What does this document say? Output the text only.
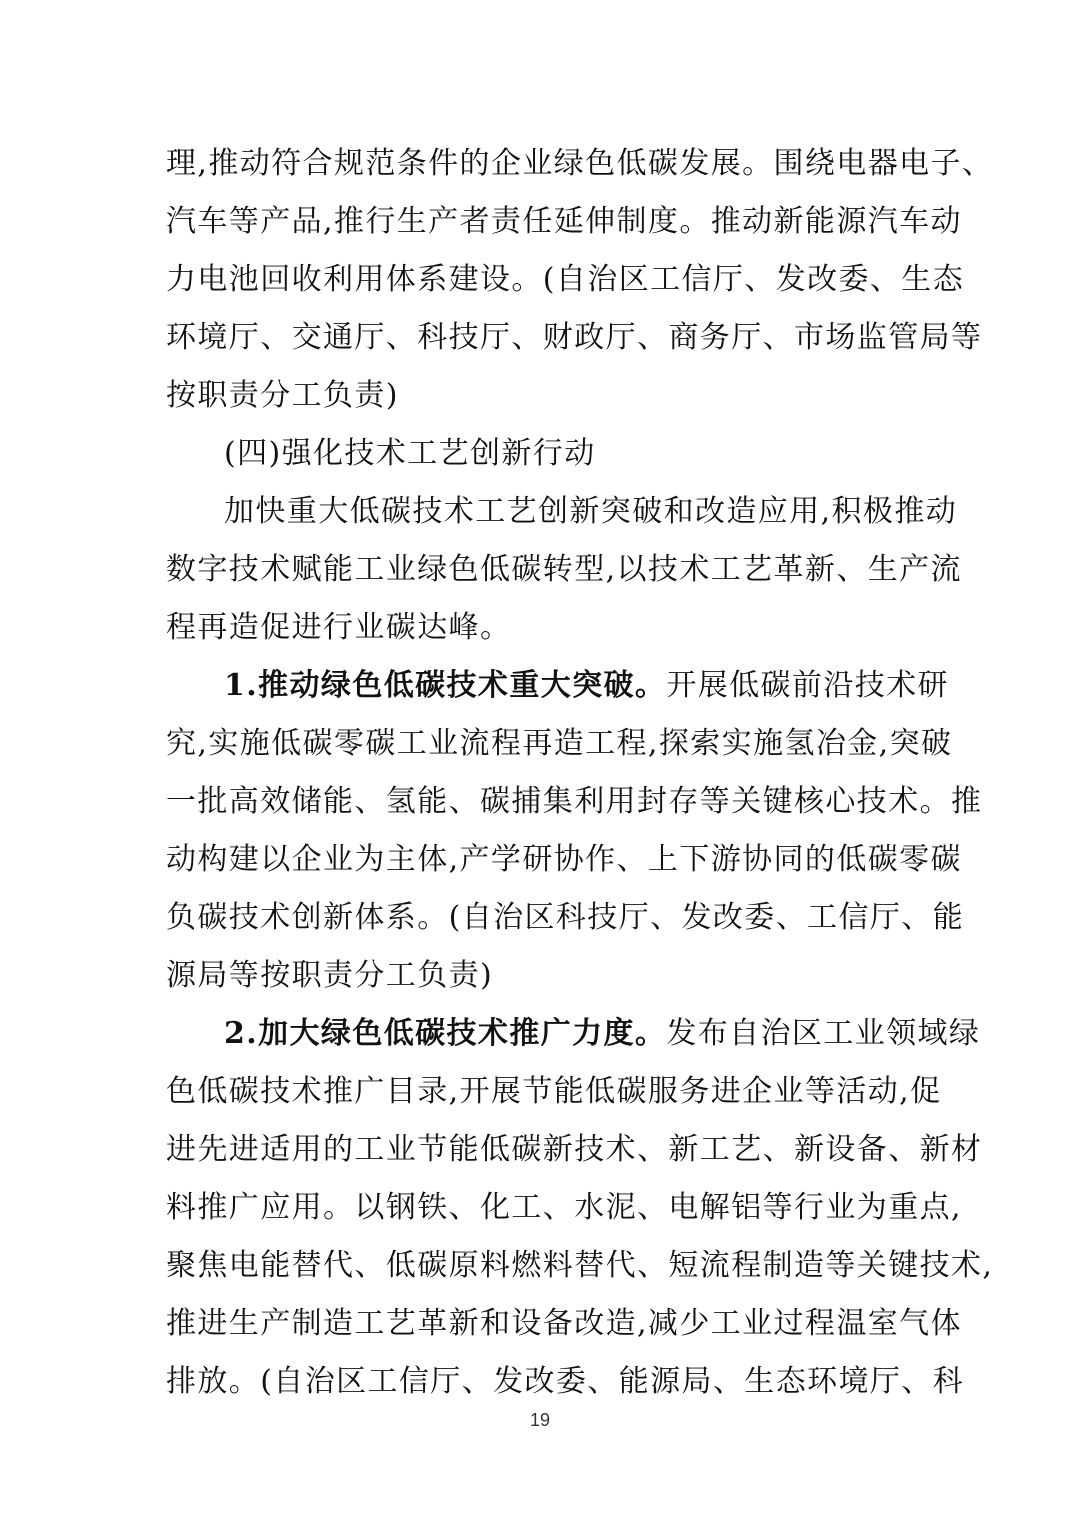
理,推动符合规范条件的企业绿色低碳发展。围绕电器电子、
汽车等产品,推行生产者责任延伸制度。推动新能源汽车动
力电池回收利用体系建设。(自治区工信厅、发改委、生态
环境厅、交通厅、科技厅、财政厅、商务厅、市场监管局等
按职责分工负责)
(四)强化技术工艺创新行动
加快重大低碳技术工艺创新突破和改造应用,积极推动
数字技术赋能工业绿色低碳转型,以技术工艺革新、生产流
程再造促进行业碳达峰。
1.推动绿色低碳技术重大突破。开展低碳前沿技术研
究,实施低碳零碳工业流程再造工程,探索实施氢冶金,突破
一批高效储能、氢能、碳捕集利用封存等关键核心技术。推
动构建以企业为主体,产学研协作、上下游协同的低碳零碳
负碳技术创新体系。(自治区科技厅、发改委、工信厅、能
源局等按职责分工负责)
2.加大绿色低碳技术推广力度。发布自治区工业领域绿
色低碳技术推广目录,开展节能低碳服务进企业等活动,促
进先进适用的工业节能低碳新技术、新工艺、新设备、新材
料推广应用。以钢铁、化工、水泥、电解铝等行业为重点,
聚焦电能替代、低碳原料燃料替代、短流程制造等关键技术,
推进生产制造工艺革新和设备改造,减少工业过程温室气体
排放。(自治区工信厅、发改委、能源局、生态环境厅、科
19
